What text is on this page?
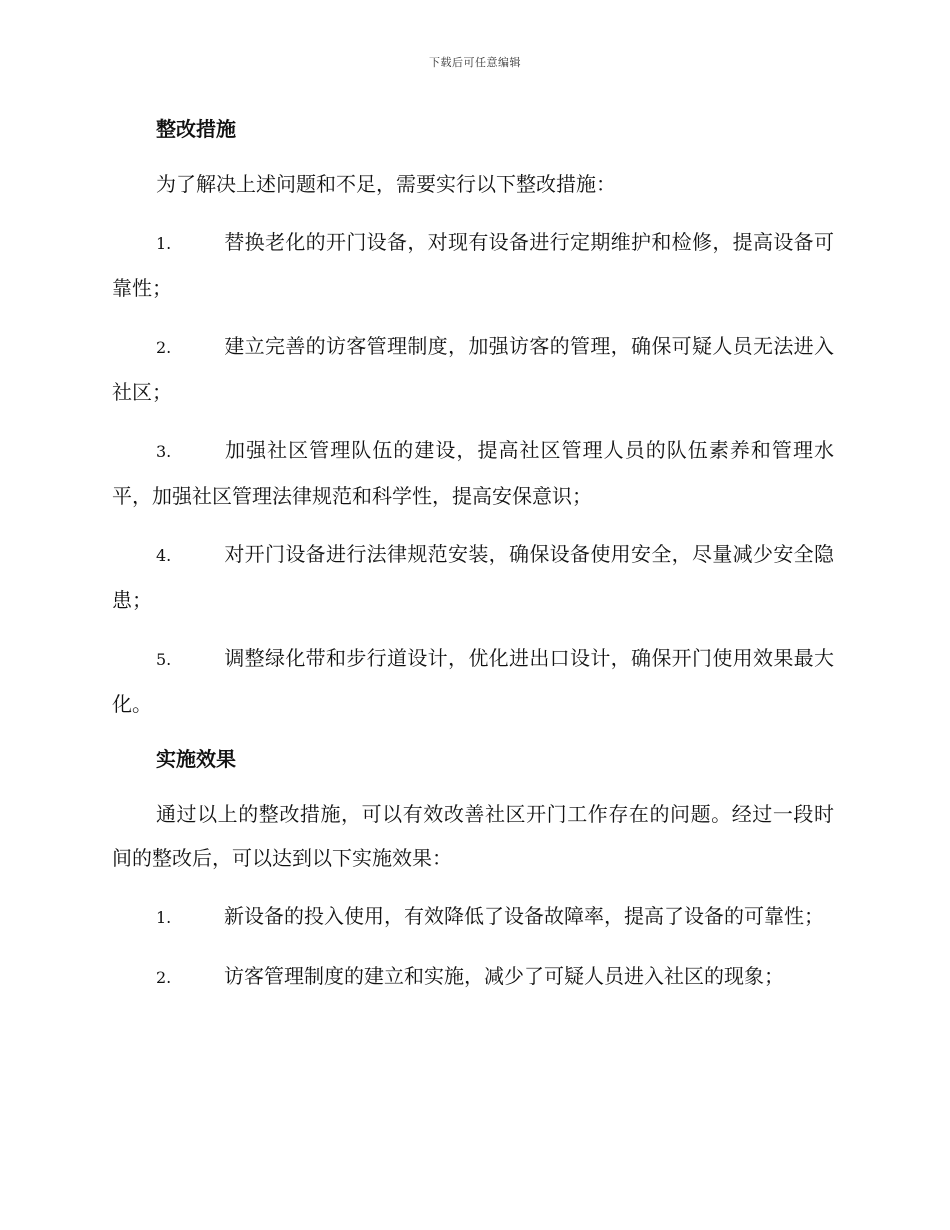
下载后可任意编辑
整改措施
为了解决上述问题和不足，需要实行以下整改措施：
1.	替换老化的开门设备，对现有设备进行定期维护和检修，提高设备可靠性；
2.	建立完善的访客管理制度，加强访客的管理，确保可疑人员无法进入社区；
3.	加强社区管理队伍的建设，提高社区管理人员的队伍素养和管理水平，加强社区管理法律规范和科学性，提高安保意识；
4.	对开门设备进行法律规范安装，确保设备使用安全，尽量减少安全隐患；
5.	调整绿化带和步行道设计，优化进出口设计，确保开门使用效果最大化。
实施效果
通过以上的整改措施，可以有效改善社区开门工作存在的问题。经过一段时间的整改后，可以达到以下实施效果：
1.	新设备的投入使用，有效降低了设备故障率，提高了设备的可靠性；
2.	访客管理制度的建立和实施，减少了可疑人员进入社区的现象；
